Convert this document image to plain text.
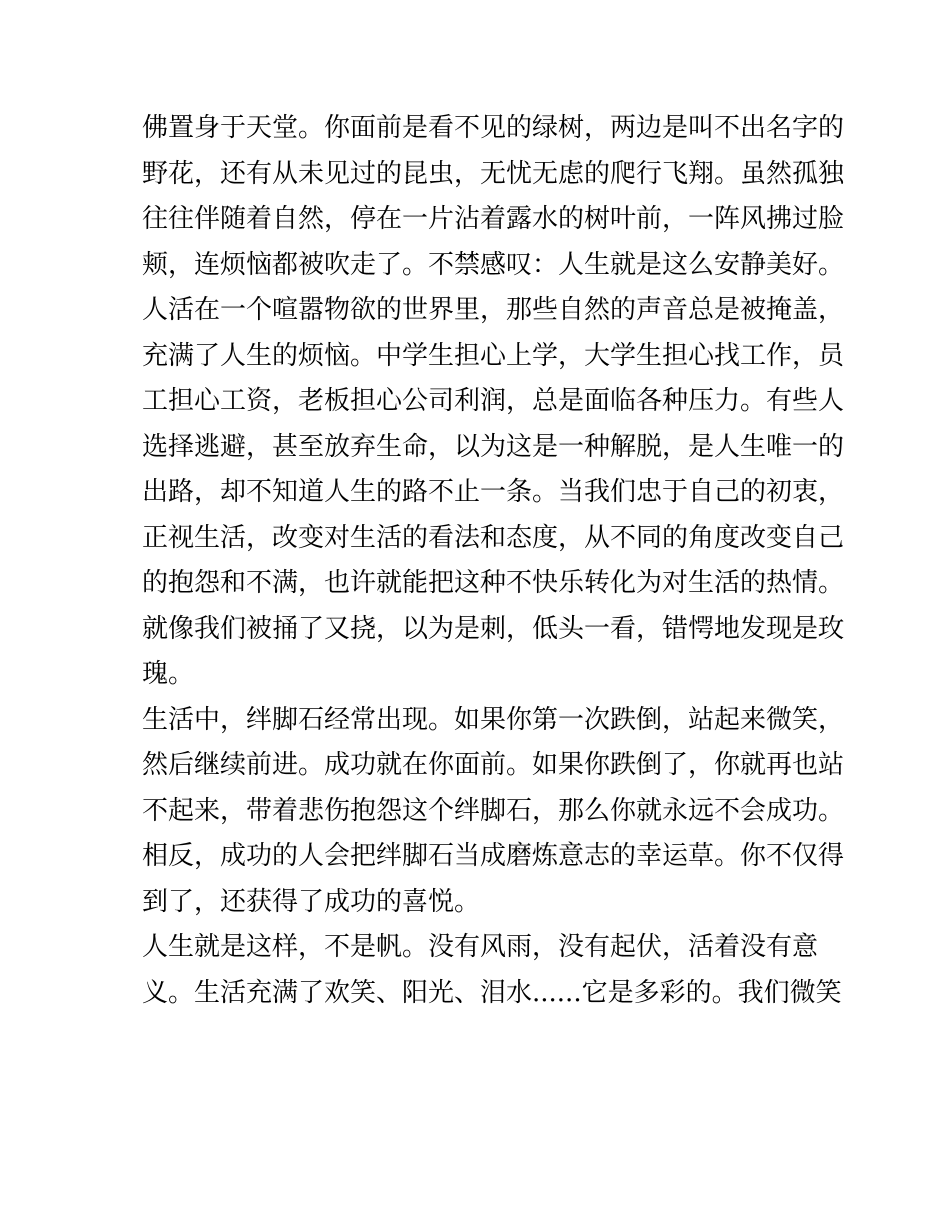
佛置身于天堂。你面前是看不见的绿树，两边是叫不出名字的
野花，还有从未见过的昆虫，无忧无虑的爬行飞翔。虽然孤独
往往伴随着自然，停在一片沾着露水的树叶前，一阵风拂过脸
颊，连烦恼都被吹走了。不禁感叹：人生就是这么安静美好。
人活在一个喧嚣物欲的世界里，那些自然的声音总是被掩盖，
充满了人生的烦恼。中学生担心上学，大学生担心找工作，员
工担心工资，老板担心公司利润，总是面临各种压力。有些人
选择逃避，甚至放弃生命，以为这是一种解脱，是人生唯一的
出路，却不知道人生的路不止一条。当我们忠于自己的初衷，
正视生活，改变对生活的看法和态度，从不同的角度改变自己
的抱怨和不满，也许就能把这种不快乐转化为对生活的热情。
就像我们被捅了又挠，以为是刺，低头一看，错愕地发现是玫
瑰。
生活中，绊脚石经常出现。如果你第一次跌倒，站起来微笑，
然后继续前进。成功就在你面前。如果你跌倒了，你就再也站
不起来，带着悲伤抱怨这个绊脚石，那么你就永远不会成功。
相反，成功的人会把绊脚石当成磨炼意志的幸运草。你不仅得
到了，还获得了成功的喜悦。
人生就是这样，不是帆。没有风雨，没有起伏，活着没有意
义。生活充满了欢笑、阳光、泪水......它是多彩的。我们微笑
